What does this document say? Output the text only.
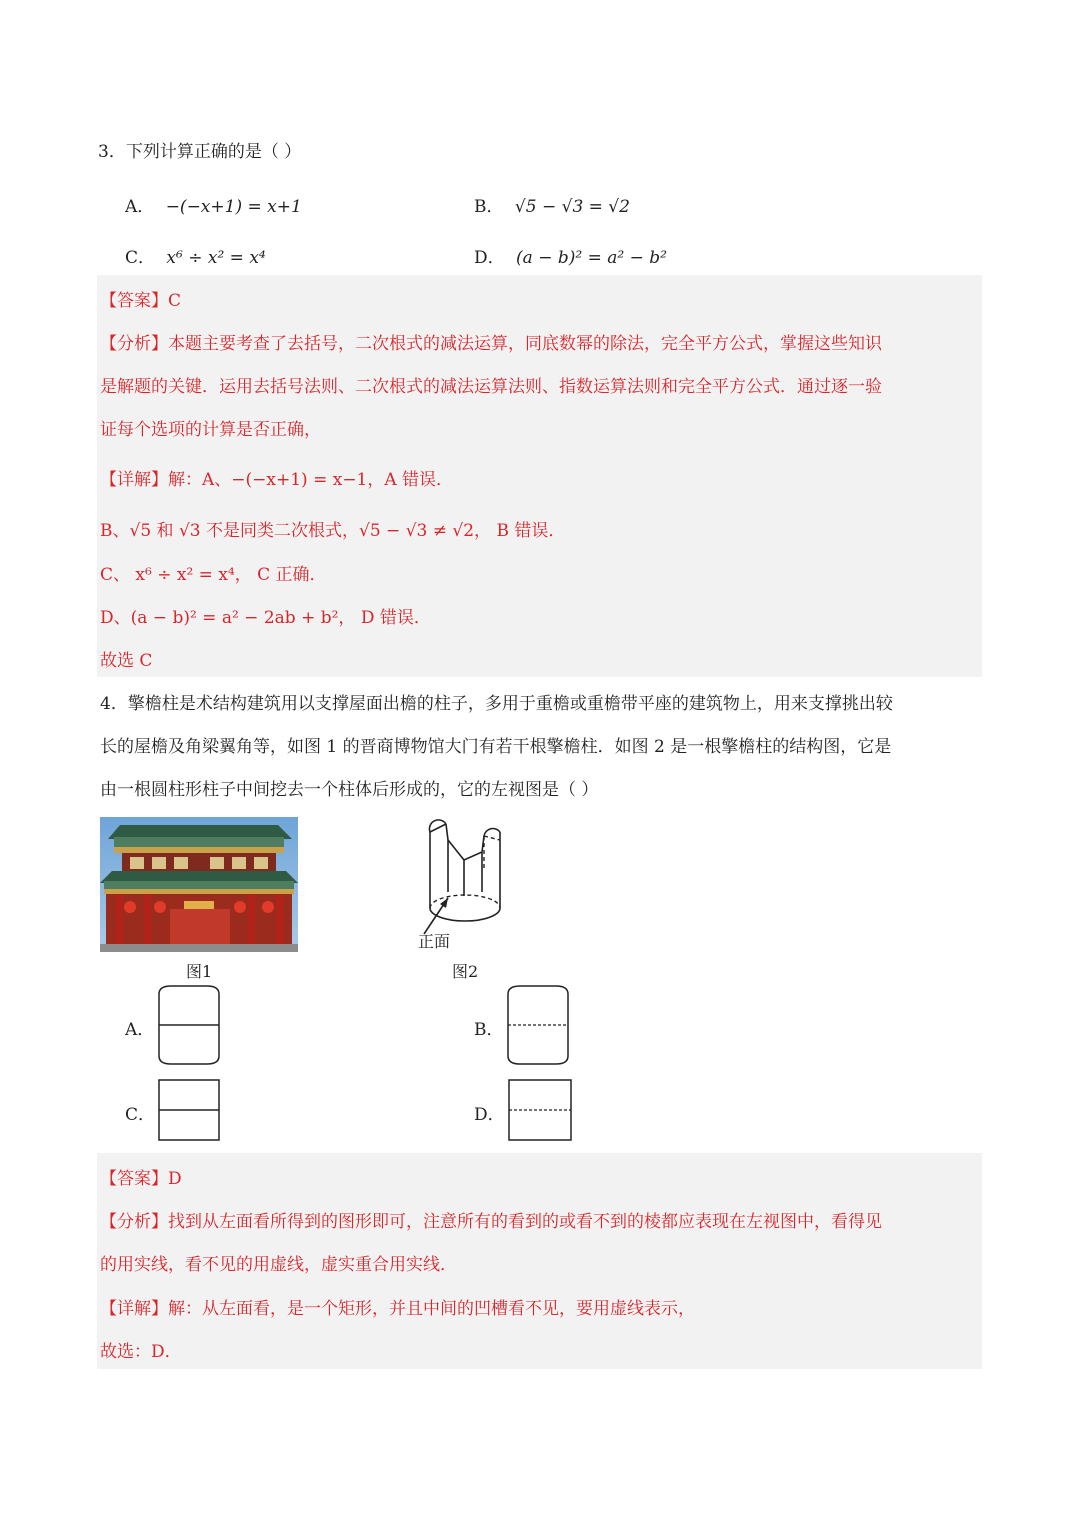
3．下列计算正确的是（ ）
A． −(−x+1) = x+1	B． √5 − √3 = √2
C． x⁶ ÷ x² = x⁴	D． (a − b)² = a² − b²
【答案】C
【分析】本题主要考查了去括号，二次根式的减法运算，同底数幂的除法，完全平方公式，掌握这些知识
是解题的关键．运用去括号法则、二次根式的减法运算法则、指数运算法则和完全平方公式．通过逐一验
证每个选项的计算是否正确，
【详解】解：A、−(−x+1) = x−1，A 错误．
B、√5 和 √3 不是同类二次根式，√5 − √3 ≠ √2， B 错误．
C、 x⁶ ÷ x² = x⁴， C 正确．
D、(a − b)² = a² − 2ab + b²， D 错误．
故选 C
4．擎檐柱是术结构建筑用以支撑屋面出檐的柱子，多用于重檐或重檐带平座的建筑物上，用来支撑挑出较
长的屋檐及角梁翼角等，如图 1 的晋商博物馆大门有若干根擎檐柱．如图 2 是一根擎檐柱的结构图，它是
由一根圆柱形柱子中间挖去一个柱体后形成的，它的左视图是（ ）
图1
正面
图2
A．	B．
C．	D．
【答案】D
【分析】找到从左面看所得到的图形即可，注意所有的看到的或看不到的棱都应表现在左视图中，看得见
的用实线，看不见的用虚线，虚实重合用实线．
【详解】解：从左面看，是一个矩形，并且中间的凹槽看不见，要用虚线表示，
故选：D．
